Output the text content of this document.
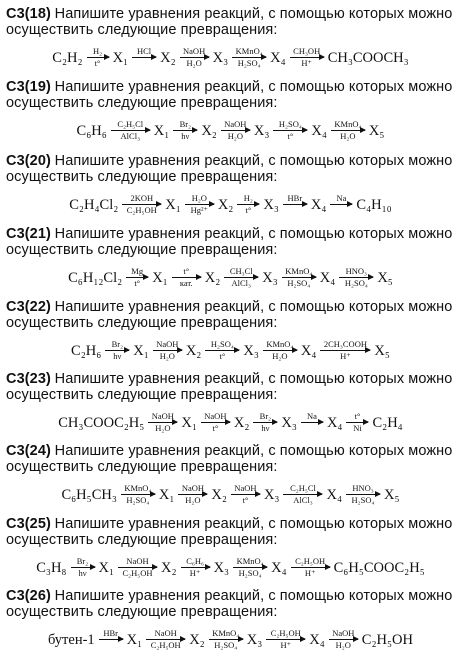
С3(18) Напишите уравнения реакций, с помощью которых можно осуществить следующие превращения:
C₂H₂ H₂
t° X₁ HCl X₂ NaOH
H₂O X₃ KMnO₄
H₂SO₄ X₄ CH₃OH
H⁺ CH₃COOCH₃
С3(19) Напишите уравнения реакций, с помощью которых можно осуществить следующие превращения:
C₆H₆ C₂H₅Cl
AlCl₃ X₁ Br₂
hν X₂ NaOH
H₂O X₃ H₂SO₄
t° X₄ KMnO₄
H₂O X₅
С3(20) Напишите уравнения реакций, с помощью которых можно осуществить следующие превращения:
C₂H₄Cl₂ 2KOH
C₂H₅OH X₁ H₂O
Hg²⁺ X₂ H₂
t° X₃ HBr X₄ Na C₄H₁₀
С3(21) Напишите уравнения реакций, с помощью которых можно осуществить следующие превращения:
C₆H₁₂Cl₂ Mg
t° X₁ t°
кат. X₂ CH₃Cl
AlCl₃ X₃ KMnO₄
H₂SO₄ X₄ HNO₃
H₂SO₄ X₅
С3(22) Напишите уравнения реакций, с помощью которых можно осуществить следующие превращения:
C₂H₆ Br₂
hν X₁ NaOH
H₂O X₂ H₂SO₄
t° X₃ KMnO₄
H₂O X₄ 2CH₃COOH
H⁺ X₅
С3(23) Напишите уравнения реакций, с помощью которых можно осуществить следующие превращения:
CH₃COOC₂H₅ NaOH
H₂O X₁ NaOH
t° X₂ Br₂
hν X₃ Na X₄ t°
Ni C₂H₄
С3(24) Напишите уравнения реакций, с помощью которых можно осуществить следующие превращения:
C₆H₅CH₃ KMnO₄
H₂SO₄ X₁ NaOH
H₂O X₂ NaOH
t° X₃ C₂H₅Cl
AlCl₃ X₄ HNO₃
H₂SO₄ X₅
С3(25) Напишите уравнения реакций, с помощью которых можно осуществить следующие превращения:
C₃H₈ Br₂
hν X₁ NaOH
C₂H₅OH X₂ C₆H₆
H⁺ X₃ KMnO₄
H₂SO₄ X₄ C₂H₅OH
H⁺ C₆H₅COOC₂H₅
С3(26) Напишите уравнения реакций, с помощью которых можно осуществить следующие превращения:
бутен-1 HBr X₁ NaOH
C₂H₅OH X₂ KMnO₄
H₂SO₄ X₃ C₂H₅OH
H⁺ X₄ NaOH
H₂O C₂H₅OH
